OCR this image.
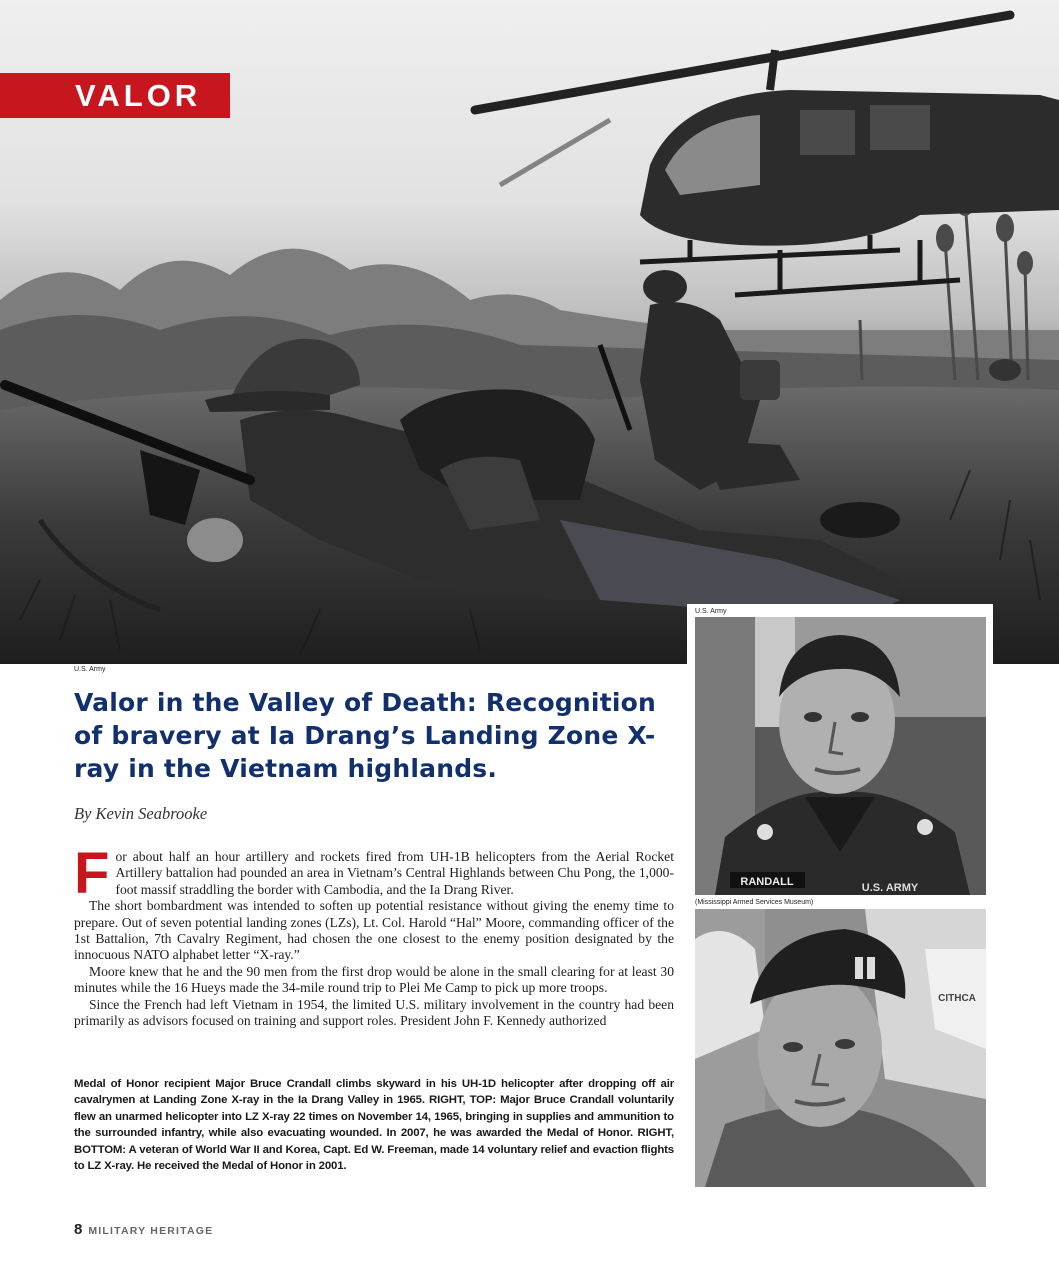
VALOR
U.S. Army
U.S. Army
RANDALL	U.S. ARMY
(Mississippi Armed Services Museum)
CITHCA
Valor in the Valley of Death: Recognition of bravery at Ia Drang’s Landing Zone X-ray in the Vietnam highlands.
By Kevin Seabrooke

For about half an hour artillery and rockets fired from UH-1B helicopters from the Aerial Rocket Artillery battalion had pounded an area in Vietnam’s Central Highlands between Chu Pong, the 1,000-foot massif straddling the border with Cambodia, and the Ia Drang River.

The short bombardment was intended to soften up potential resistance without giving the enemy time to prepare. Out of seven potential landing zones (LZs), Lt. Col. Harold “Hal” Moore, commanding officer of the 1st Battalion, 7th Cavalry Regiment, had chosen the one closest to the enemy position designated by the innocuous NATO alphabet letter “X-ray.”

Moore knew that he and the 90 men from the first drop would be alone in the small clearing for at least 30 minutes while the 16 Hueys made the 34-mile round trip to Plei Me Camp to pick up more troops.

Since the French had left Vietnam in 1954, the limited U.S. military involvement in the country had been primarily as advisors focused on training and support roles. President John F. Kennedy authorized

Medal of Honor recipient Major Bruce Crandall climbs skyward in his UH-1D helicopter after dropping off air cavalrymen at Landing Zone X-ray in the Ia Drang Valley in 1965. RIGHT, TOP: Major Bruce Crandall voluntarily flew an unarmed helicopter into LZ X-ray 22 times on November 14, 1965, bringing in supplies and ammunition to the surrounded infantry, while also evacuating wounded. In 2007, he was awarded the Medal of Honor. RIGHT, BOTTOM: A veteran of World War II and Korea, Capt. Ed W. Freeman, made 14 voluntary relief and evaction flights to LZ X-ray. He received the Medal of Honor in 2001.
8 MILITARY HERITAGE
